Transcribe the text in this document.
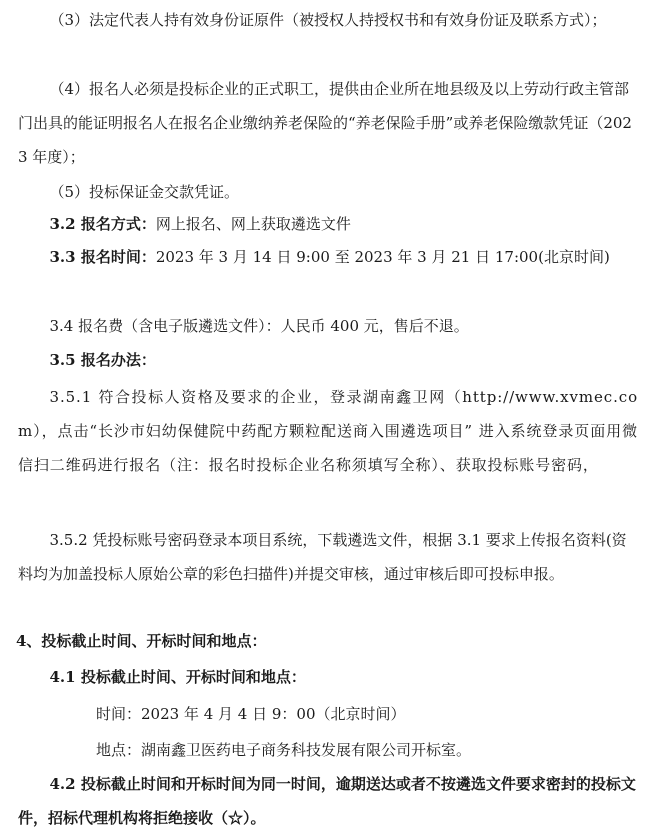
（3）法定代表人持有效身份证原件（被授权人持授权书和有效身份证及联系方式）；

（4）报名人必须是投标企业的正式职工，提供由企业所在地县级及以上劳动行政主管部门出具的能证明报名人在报名企业缴纳养老保险的“养老保险手册”或养老保险缴款凭证（2023 年度）；

（5）投标保证金交款凭证。

3.2 报名方式：网上报名、网上获取遴选文件

3.3 报名时间：2023 年 3 月 14 日 9:00 至 2023 年 3 月 21 日 17:00(北京时间)

3.4 报名费（含电子版遴选文件）：人民币 400 元，售后不退。

3.5 报名办法：

3.5.1 符合投标人资格及要求的企业，登录湖南鑫卫网（http://www.xvmec.com），点击“长沙市妇幼保健院中药配方颗粒配送商入围遴选项目” 进入系统登录页面用微信扫二维码进行报名（注：报名时投标企业名称须填写全称）、获取投标账号密码，

3.5.2 凭投标账号密码登录本项目系统，下载遴选文件，根据 3.1 要求上传报名资料(资料均为加盖投标人原始公章的彩色扫描件)并提交审核，通过审核后即可投标申报。

4、投标截止时间、开标时间和地点：

4.1 投标截止时间、开标时间和地点：

时间：2023 年 4 月 4 日 9：00（北京时间）

地点：湖南鑫卫医药电子商务科技发展有限公司开标室。

4.2 投标截止时间和开标时间为同一时间，逾期送达或者不按遴选文件要求密封的投标文件，招标代理机构将拒绝接收（☆）。
